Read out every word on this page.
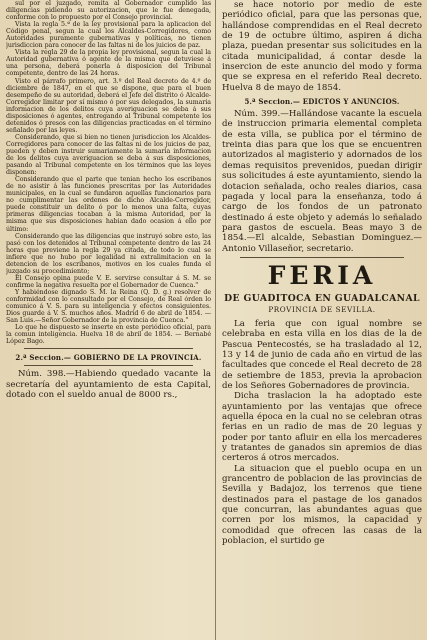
sul por el juzgado, remita al Gobernador cumplido las diligencias pidiendo su autorizacion, que le fue denegada, conforme con lo propuesto por el Consejo provincial.

Vista la regla 5.ª de la ley provisional para la aplicacion del Código penal, segun la cual los Alcaldes-Corregidores, como Autoridades puramente gubernativas y políticas, no tienen jurisdiccion para conocer de las faltas ni de los juicios de paz.

Vista la regla 29 de la propia ley provisional, segun la cual la Autoridad gubernativa ó agente de la misma que detuviese á una persona, deberá ponerla á disposicion del Tribunal competente, dentro de las 24 horas.

Visto el párrafo primero, art. 3.º del Real decreto de 4.º de diciembre de 1847, en el que se dispone, que para el buen desempeño de su autoridad, deberá el Jefe del distrito ó Alcalde-Corregidor limitar por sí mismo ó por sus delegados, la sumaria informacion de los delitos cuya averiguacion se deba á sus disposiciones ó agentes, entregando al Tribunal competente los detenidos ó presos con las diligencias practicadas en el término señalado por las leyes.

Considerando, que si bien no tienen jurisdiccion los Alcaldes-Corregidores para conocer de las faltas ni de los juicios de paz, pueden y deben instruir sumariamente la sumaria informacion de los delitos cuya averiguacion se deba á sus disposiciones, pasando al Tribunal competente en los términos que las leyes disponen:

Considerando que el parte que tenian hecho los escribanos de no asistir á las funciones prescritas por las Autoridades municipales, en la cual se fundaron aquellas funcionarios para no cumplimentar las ordenes de dicho Alcalde-Corregidor, puede constituir un delito ó por lo menos una falta, cuyas primeras diligencias tocaban á la misma Autoridad, por la misma que sus disposiciones habian dado ocasion á ello por último:

Considerando que las diligencias que instruyó sobre esto, las pasó con los detenidos al Tribunal competente dentro de las 24 horas que previene la regla 29 ya citada, de todo lo cual se infiere que no hubo por legalidad ni extralimitacion en la detencion de los escribanos, motivos en los cuales funda el juzgado su procedimiento;

El Consejo opina puede V. E. servirse consultar á S. M. se confirme la negativa resuelta por el Gobernador de Cuenca."

Y habiéndose dignado S. M. la Reina (Q. D. g.) resolver de conformidad con lo consultado por el Consejo, de Real órden lo comunico á V. S. para su inteligencia y efectos consiguientes. Dios guarde á V. S. muchos años. Madrid 6 de abril de 1854. — San Luis.—Señor Gobernador de la provincia de Cuenca."

Lo que he dispuesto se inserte en este periódico oficial, para la comun inteligencia. Huelva 18 de abril de 1854. — Bernabé López Bago.

2.ª Seccion.— GOBIERNO DE LA PROVINCIA.

Núm. 398.—Habiendo quedado vacante la secretaría del ayuntamiento de esta Capital, dotado con el sueldo anual de 8000 rs.,

se hace notorio por medio de este periódico oficial, para que las personas que, hallándose comprendidas en el Real decreto de 19 de octubre último, aspiren á dicha plaza, puedan presentar sus solicitudes en la citada municipalidad, á contar desde la insercion de este anuncio del modo y forma que se expresa en el referido Real decreto. Huelva 8 de mayo de 1854.

5.ª Seccion.— EDICTOS Y ANUNCIOS.

Núm. 399.—Hallándose vacante la escuela de instruccion primaria elemental completa de esta villa, se publica por el término de treinta dias para que los que se encuentren autorizados al magisterio y adornados de los demas requisitos prevenidos, puedan dirigir sus solicitudes á este ayuntamiento, siendo la dotacion señalada, ocho reales diarios, casa pagada y local para la enseñanza, todo á cargo de los fondos de un patronato destinado á este objeto y además lo señalado para gastos de escuela. Beas mayo 3 de 1854.—El alcalde, Sebastian Dominguez.—Antonio Villaseñor, secretario.

FERIA
DE GUADITOCA EN GUADALCANAL
PROVINCIA DE SEVILLA.

La feria que con igual nombre se celebraba en esta villa en los dias de la de Pascua Pentecostés, se ha trasladado al 12, 13 y 14 de junio de cada año en virtud de las facultades que concede el Real decreto de 28 de setiembre de 1853, previa la aprobacion de los Señores Gobernadores de provincia.

Dicha traslacion la ha adoptado este ayuntamiento por las ventajas que ofrece aquella época en la cual no se celebran otras ferias en un radio de mas de 20 leguas y poder por tanto afluir en ella los mercaderes y tratantes de ganados sin apremios de dias certeros á otros mercados.

La situacion que el pueblo ocupa en un grancentro de poblacion de las provincias de Sevilla y Badajoz, los terrenos que tiene destinados para el pastage de los ganados que concurran, las abundantes aguas que corren por los mismos, la capacidad y comodidad que ofrecen las casas de la poblacion, el surtido ge
